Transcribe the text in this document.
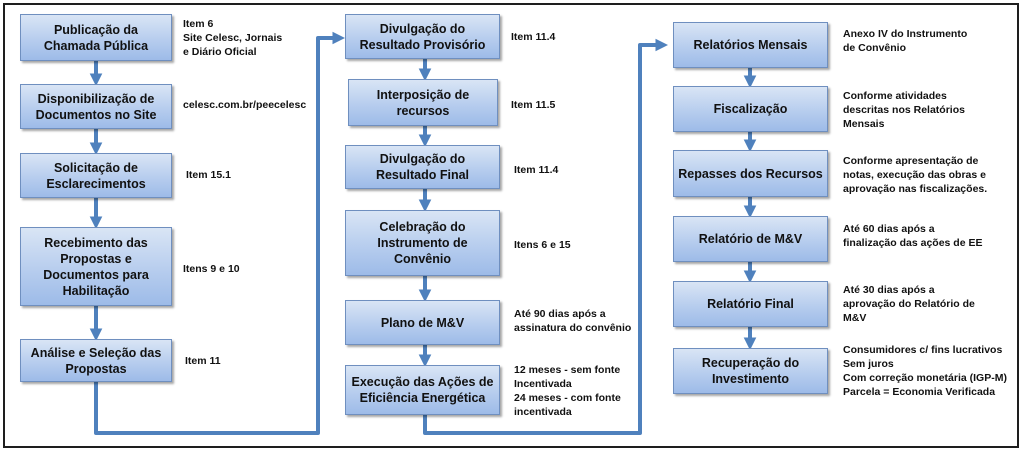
Publicação da
Chamada Pública
Item 6
Site Celesc, Jornais
e Diário Oficial
Disponibilização de
Documentos no Site
celesc.com.br/peecelesc
Solicitação de
Esclarecimentos
Item 15.1
Recebimento das
Propostas e
Documentos para
Habilitação
Itens 9 e 10
Análise e Seleção das
Propostas
Item 11
Divulgação do
Resultado Provisório
Item 11.4
Interposição de
recursos	Item 11.5
Divulgação do
Resultado Final	Item 11.4
Celebração do
Instrumento de
Convênio
Itens 6 e 15
Plano de M&V
Até 90 dias após a
assinatura do convênio
Execução das Ações de
Eficiência Energética
12 meses - sem fonte
Incentivada
24 meses - com fonte
incentivada
Relatórios Mensais
Anexo IV do Instrumento
de Convênio
Fiscalização
Conforme atividades
descritas nos Relatórios
Mensais
Repasses dos Recursos
Conforme apresentação de
notas, execução das obras e
aprovação nas fiscalizações.
Relatório de M&V
Até 60 dias após a
finalização das ações de EE
Relatório Final
Até 30 dias após a
aprovação do Relatório de
M&V
Recuperação do
Investimento
Consumidores c/ fins lucrativos
Sem juros
Com correção monetária (IGP-M)
Parcela = Economia Verificada
